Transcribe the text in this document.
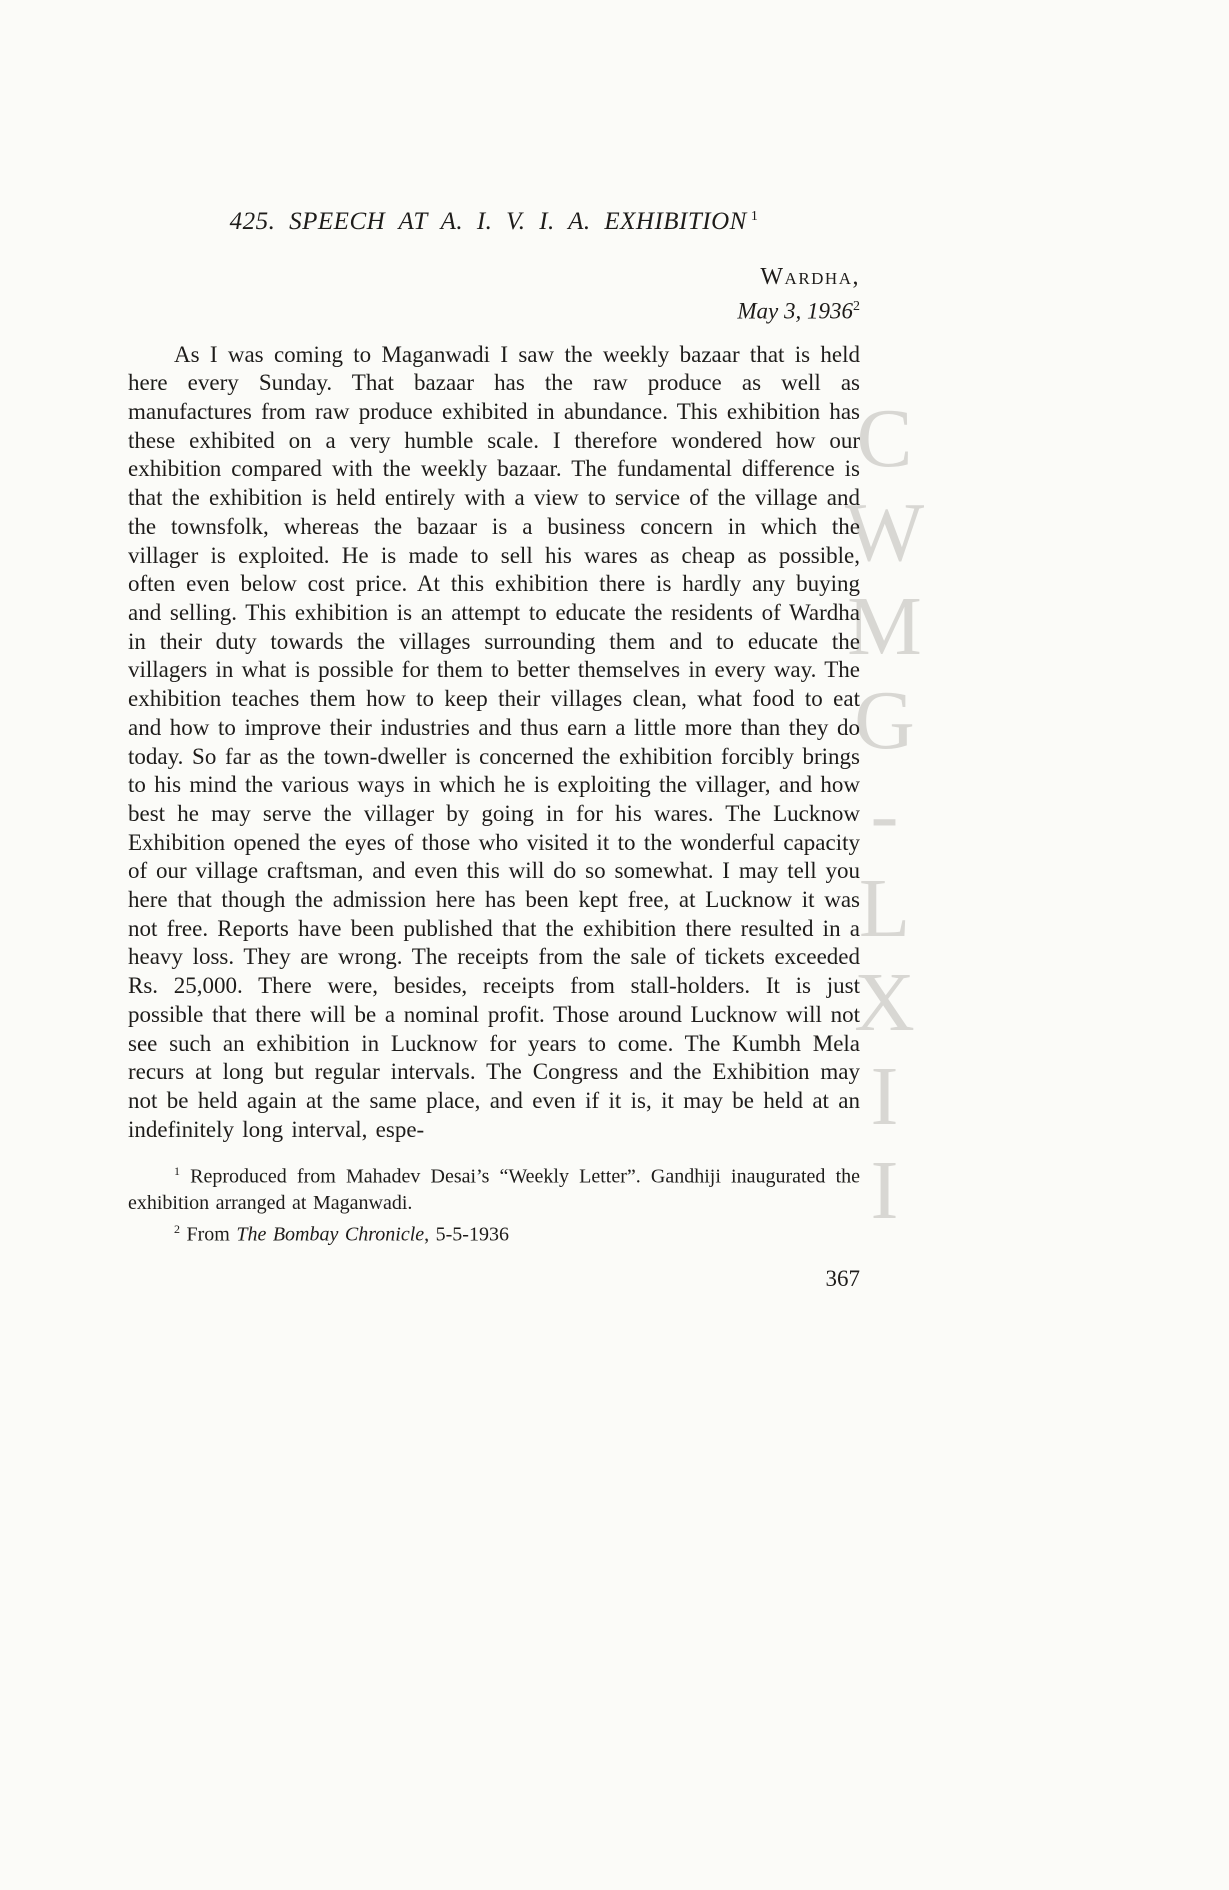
CWMG-LXII
425. SPEECH AT A. I. V. I. A. EXHIBITION $^1$
Wardha,
May 3, 1936$^2$

As I was coming to Maganwadi I saw the weekly bazaar that is held here every Sunday. That bazaar has the raw produce as well as manufactures from raw produce exhibited in abundance. This exhibition has these exhibited on a very humble scale. I therefore wondered how our exhibition compared with the weekly bazaar. The fundamental difference is that the exhibition is held entirely with a view to service of the village and the townsfolk, whereas the bazaar is a business concern in which the villager is exploited. He is made to sell his wares as cheap as possible, often even below cost price. At this exhibition there is hardly any buying and selling. This exhibition is an attempt to educate the residents of Wardha in their duty towards the villages surrounding them and to educate the villagers in what is possible for them to better themselves in every way. The exhibition teaches them how to keep their villages clean, what food to eat and how to improve their industries and thus earn a little more than they do today. So far as the town-dweller is concerned the exhibition forcibly brings to his mind the various ways in which he is exploiting the villager, and how best he may serve the villager by going in for his wares. The Lucknow Exhibition opened the eyes of those who visited it to the wonderful capacity of our village craftsman, and even this will do so somewhat. I may tell you here that though the admission here has been kept free, at Lucknow it was not free. Reports have been published that the exhibition there resulted in a heavy loss. They are wrong. The receipts from the sale of tickets exceeded Rs. 25,000. There were, besides, receipts from stall-holders. It is just possible that there will be a nominal profit. Those around Lucknow will not see such an exhibition in Lucknow for years to come. The Kumbh Mela recurs at long but regular intervals. The Congress and the Exhibition may not be held again at the same place, and even if it is, it may be held at an indefinitely long interval, espe-

$^1$ Reproduced from Mahadev Desai’s “Weekly Letter”. Gandhiji inaugurated the exhibition arranged at Maganwadi.

$^2$ From The Bombay Chronicle, 5-5-1936

367
